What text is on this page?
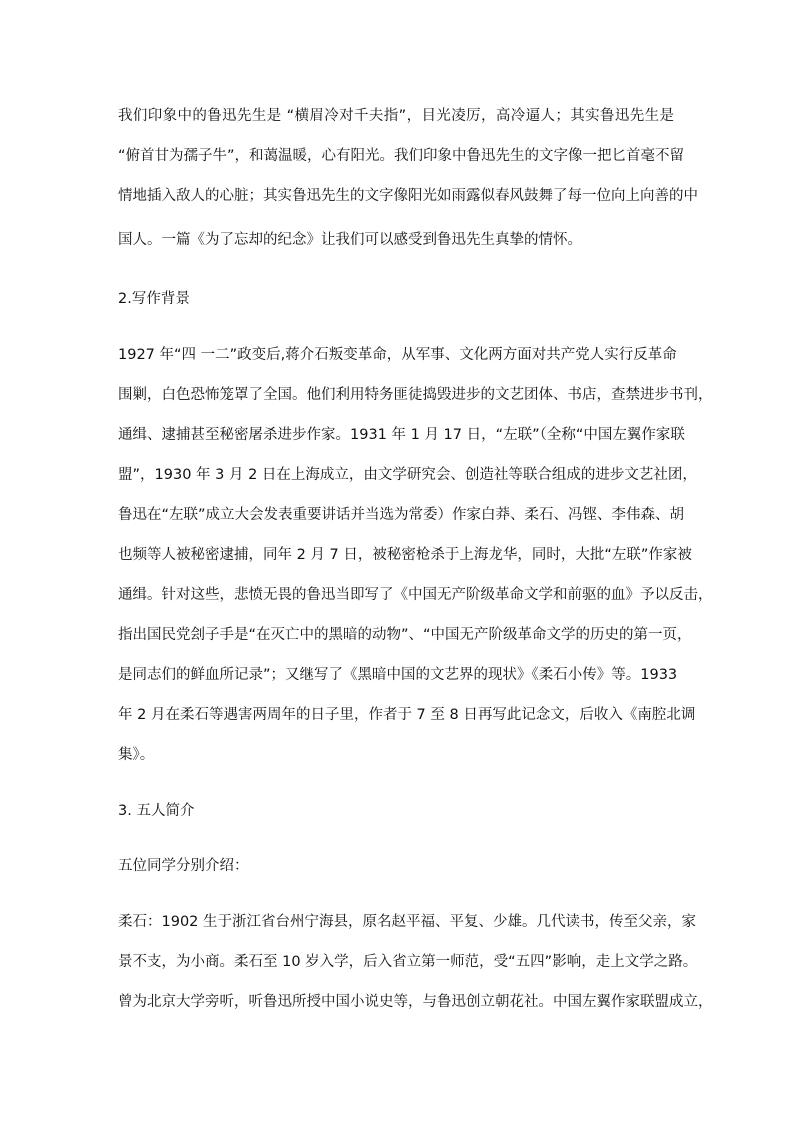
我们印象中的鲁迅先生是 “横眉冷对千夫指”，目光凌厉，高冷逼人；其实鲁迅先生是
“俯首甘为孺子牛”，和蔼温暖，心有阳光。我们印象中鲁迅先生的文字像一把匕首毫不留
情地插入敌人的心脏；其实鲁迅先生的文字像阳光如雨露似春风鼓舞了每一位向上向善的中
国人。一篇《为了忘却的纪念》让我们可以感受到鲁迅先生真挚的情怀。
2.写作背景
1927 年“四 一二”政变后,蒋介石叛变革命，从军事、文化两方面对共产党人实行反革命
围剿，白色恐怖笼罩了全国。他们利用特务匪徒捣毁进步的文艺团体、书店，查禁进步书刊，
通缉、逮捕甚至秘密屠杀进步作家。1931 年 1 月 17 日，“左联”（全称“中国左翼作家联
盟”，1930 年 3 月 2 日在上海成立，由文学研究会、创造社等联合组成的进步文艺社团，
鲁迅在“左联”成立大会发表重要讲话并当选为常委）作家白莽、柔石、冯铿、李伟森、胡
也频等人被秘密逮捕，同年 2 月 7 日，被秘密枪杀于上海龙华，同时，大批“左联”作家被
通缉。针对这些，悲愤无畏的鲁迅当即写了《中国无产阶级革命文学和前驱的血》予以反击，
指出国民党刽子手是“在灭亡中的黑暗的动物”、“中国无产阶级革命文学的历史的第一页，
是同志们的鲜血所记录”；又继写了《黑暗中国的文艺界的现状》《柔石小传》等。1933
年 2 月在柔石等遇害两周年的日子里，作者于 7 至 8 日再写此记念文，后收入《南腔北调
集》。
3. 五人简介
五位同学分别介绍：
柔石：1902 生于浙江省台州宁海县，原名赵平福、平复、少雄。几代读书，传至父亲，家
景不支，为小商。柔石至 10 岁入学，后入省立第一师范，受“五四”影响，走上文学之路。
曾为北京大学旁听，听鲁迅所授中国小说史等，与鲁迅创立朝花社。中国左翼作家联盟成立，
